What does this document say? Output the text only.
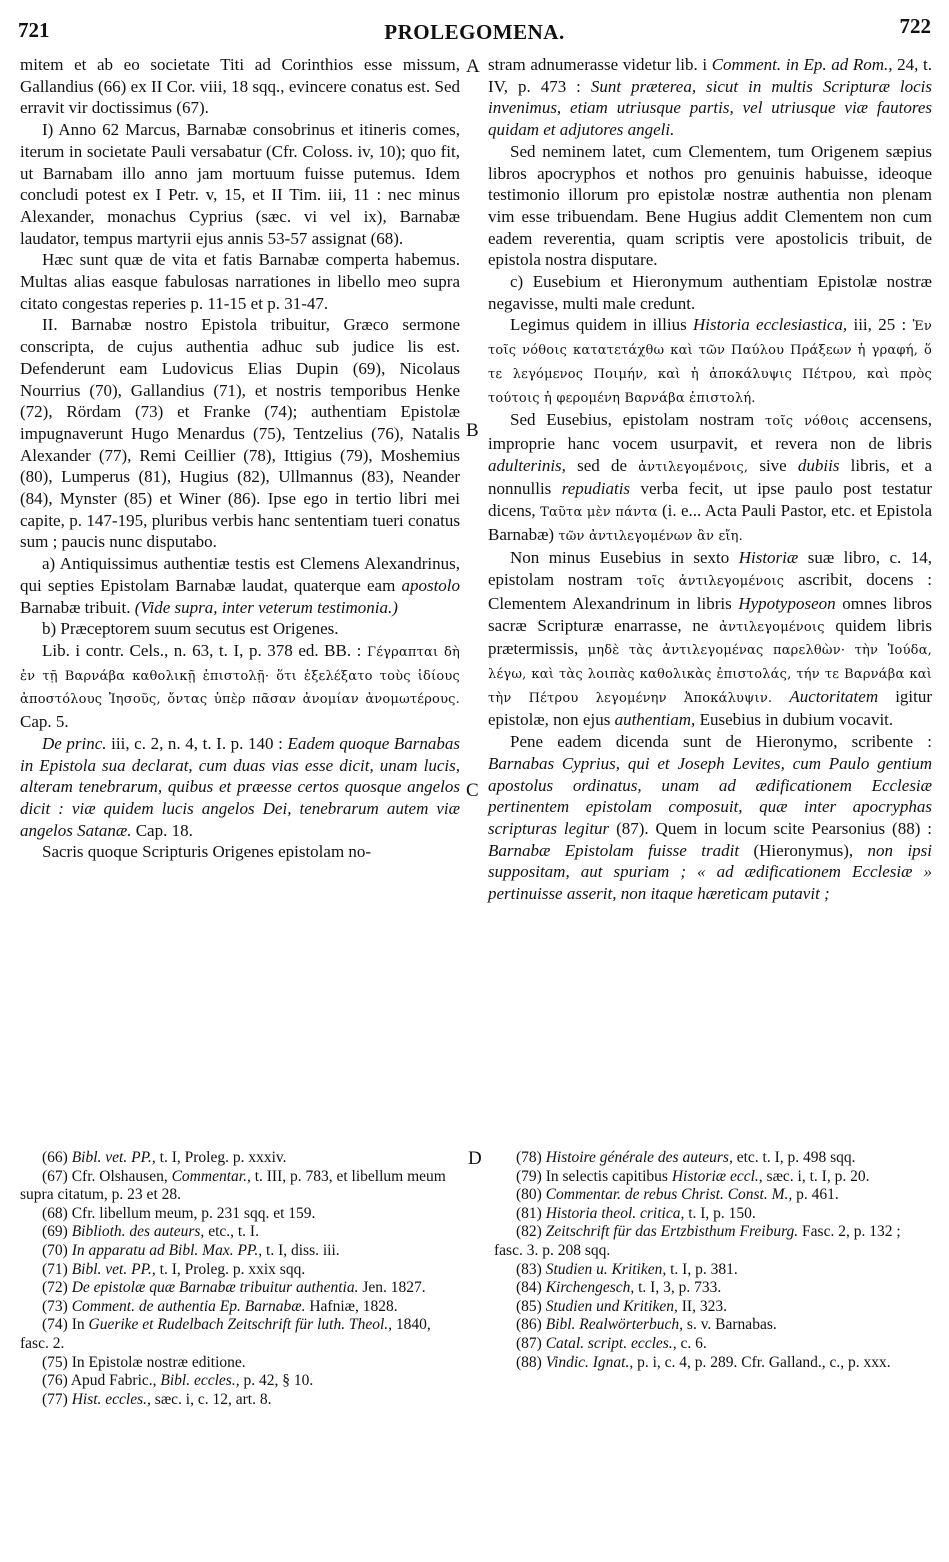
721	PROLEGOMENA.	722
A
B
C
D

mitem et ab eo societate Titi ad Corinthios esse missum, Gallandius (66) ex II Cor. viii, 18 sqq., evincere conatus est. Sed erravit vir doctissimus (67).

I) Anno 62 Marcus, Barnabæ consobrinus et itineris comes, iterum in societate Pauli versabatur (Cfr. Coloss. iv, 10); quo fit, ut Barnabam illo anno jam mortuum fuisse putemus. Idem concludi potest ex I Petr. v, 15, et II Tim. iii, 11 : nec minus Alexander, monachus Cyprius (sæc. vi vel ix), Barnabæ laudator, tempus martyrii ejus annis 53-57 assignat (68).

Hæc sunt quæ de vita et fatis Barnabæ comperta habemus. Multas alias easque fabulosas narrationes in libello meo supra citato congestas reperies p. 11-15 et p. 31-47.

II. Barnabæ nostro Epistola tribuitur, Græco sermone conscripta, de cujus authentia adhuc sub judice lis est. Defenderunt eam Ludovicus Elias Dupin (69), Nicolaus Nourrius (70), Gallandius (71), et nostris temporibus Henke (72), Rördam (73) et Franke (74); authentiam Epistolæ impugnaverunt Hugo Menardus (75), Tentzelius (76), Natalis Alexander (77), Remi Ceillier (78), Ittigius (79), Moshemius (80), Lumperus (81), Hugius (82), Ullmannus (83), Neander (84), Mynster (85) et Winer (86). Ipse ego in tertio libri mei capite, p. 147-195, pluribus verbis hanc sententiam tueri conatus sum ; paucis nunc disputabo.

a) Antiquissimus authentiæ testis est Clemens Alexandrinus, qui septies Epistolam Barnabæ laudat, quaterque eam apostolo Barnabæ tribuit. (Vide supra, inter veterum testimonia.)

b) Præceptorem suum secutus est Origenes.

Lib. i contr. Cels., n. 63, t. I, p. 378 ed. BB. : Γέγραπται δὴ ἐν τῇ Βαρνάβα καθολικῇ ἐπιστολῇ· ὅτι ἐξελέξατο τοὺς ἰδίους ἀποστόλους Ἰησοῦς, ὄντας ὑπὲρ πᾶσαν ἀνομίαν ἀνομωτέρους. Cap. 5.

De princ. iii, c. 2, n. 4, t. I. p. 140 : Eadem quoque Barnabas in Epistola sua declarat, cum duas vias esse dicit, unam lucis, alteram tenebrarum, quibus et præesse certos quosque angelos dicit : viæ quidem lucis angelos Dei, tenebrarum autem viæ angelos Satanæ. Cap. 18.

Sacris quoque Scripturis Origenes epistolam no-

stram adnumerasse videtur lib. i Comment. in Ep. ad Rom., 24, t. IV, p. 473 : Sunt præterea, sicut in multis Scripturæ locis invenimus, etiam utriusque partis, vel utriusque viæ fautores quidam et adjutores angeli.

Sed neminem latet, cum Clementem, tum Origenem sæpius libros apocryphos et nothos pro genuinis habuisse, ideoque testimonio illorum pro epistolæ nostræ authentia non plenam vim esse tribuendam. Bene Hugius addit Clementem non cum eadem reverentia, quam scriptis vere apostolicis tribuit, de epistola nostra disputare.

c) Eusebium et Hieronymum authentiam Epistolæ nostræ negavisse, multi male credunt.

Legimus quidem in illius Historia ecclesiastica, iii, 25 : Ἐν τοῖς νόθοις κατατετάχθω καὶ τῶν Παύλου Πράξεων ἡ γραφή, ὅ τε λεγόμενος Ποιμήν, καὶ ἡ ἀποκάλυψις Πέτρου, καὶ πρὸς τούτοις ἡ φερομένη Βαρνάβα ἐπιστολή.

Sed Eusebius, epistolam nostram τοῖς νόθοις accensens, improprie hanc vocem usurpavit, et revera non de libris adulterinis, sed de ἀντιλεγομένοις, sive dubiis libris, et a nonnullis repudiatis verba fecit, ut ipse paulo post testatur dicens, Ταῦτα μὲν πάντα (i. e... Acta Pauli Pastor, etc. et Epistola Barnabæ) τῶν ἀντιλεγομένων ἂν εἴη.

Non minus Eusebius in sexto Historiæ suæ libro, c. 14, epistolam nostram τοῖς ἀντιλεγομένοις ascribit, docens : Clementem Alexandrinum in libris Hypotyposeon omnes libros sacræ Scripturæ enarrasse, ne ἀντιλεγομένοις quidem libris prætermissis, μηδὲ τὰς ἀντιλεγομένας παρελθὼν· τὴν Ἰούδα, λέγω, καὶ τὰς λοιπὰς καθολικὰς ἐπιστολάς, τήν τε Βαρνάβα καὶ τὴν Πέτρου λεγομένην Ἀποκάλυψιν. Auctoritatem igitur epistolæ, non ejus authentiam, Eusebius in dubium vocavit.

Pene eadem dicenda sunt de Hieronymo, scribente : Barnabas Cyprius, qui et Joseph Levites, cum Paulo gentium apostolus ordinatus, unam ad ædificationem Ecclesiæ pertinentem epistolam composuit, quæ inter apocryphas scripturas legitur (87). Quem in locum scite Pearsonius (88) : Barnabæ Epistolam fuisse tradit (Hieronymus), non ipsi suppositam, aut spuriam ; « ad ædificationem Ecclesiæ » pertinuisse asserit, non itaque hæreticam putavit ;

(66) Bibl. vet. PP., t. I, Proleg. p. xxxiv.

(67) Cfr. Olshausen, Commentar., t. III, p. 783, et libellum meum supra citatum, p. 23 et 28.

(68) Cfr. libellum meum, p. 231 sqq. et 159.

(69) Biblioth. des auteurs, etc., t. I.

(70) In apparatu ad Bibl. Max. PP., t. I, diss. iii.

(71) Bibl. vet. PP., t. I, Proleg. p. xxix sqq.

(72) De epistolæ quæ Barnabæ tribuitur authentia. Jen. 1827.

(73) Comment. de authentia Ep. Barnabæ. Hafniæ, 1828.

(74) In Guerike et Rudelbach Zeitschrift für luth. Theol., 1840, fasc. 2.

(75) In Epistolæ nostræ editione.

(76) Apud Fabric., Bibl. eccles., p. 42, § 10.

(77) Hist. eccles., sæc. i, c. 12, art. 8.

(78) Histoire générale des auteurs, etc. t. I, p. 498 sqq.

(79) In selectis capitibus Historiæ eccl., sæc. i, t. I, p. 20.

(80) Commentar. de rebus Christ. Const. M., p. 461.

(81) Historia theol. critica, t. I, p. 150.

(82) Zeitschrift für das Ertzbisthum Freiburg. Fasc. 2, p. 132 ; fasc. 3. p. 208 sqq.

(83) Studien u. Kritiken, t. I, p. 381.

(84) Kirchengesch, t. I, 3, p. 733.

(85) Studien und Kritiken, II, 323.

(86) Bibl. Realwörterbuch, s. v. Barnabas.

(87) Catal. script. eccles., c. 6.

(88) Vindic. Ignat., p. i, c. 4, p. 289. Cfr. Galland., c., p. xxx.
